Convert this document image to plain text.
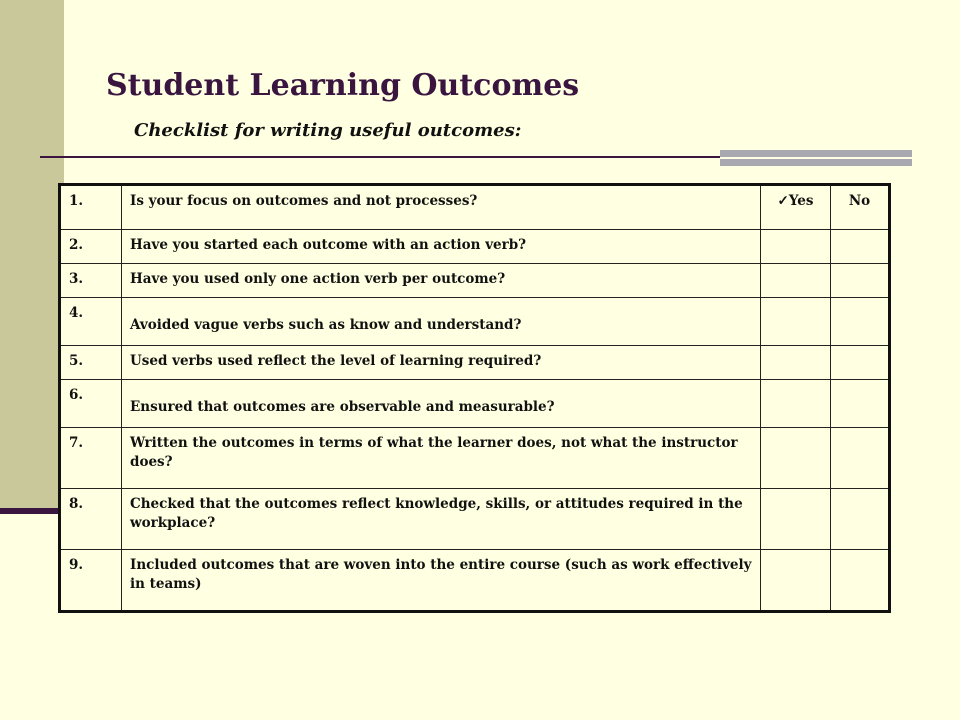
Student Learning Outcomes
Checklist for writing useful outcomes:
1.	Is your focus on outcomes and not processes?	✓Yes	No
2.	Have you started each outcome with an action verb?		
3.	Have you used only one action verb per outcome?		
4.	Avoided vague verbs such as know and understand?		
5.	Used verbs used reflect the level of learning required?		
6.	Ensured that outcomes are observable and measurable?		
7.	Written the outcomes in terms of what the learner does, not what the instructor does?		
8.	Checked that the outcomes reflect knowledge, skills, or attitudes required in the workplace?		
9.	Included outcomes that are woven into the entire course (such as work effectively in teams)		
